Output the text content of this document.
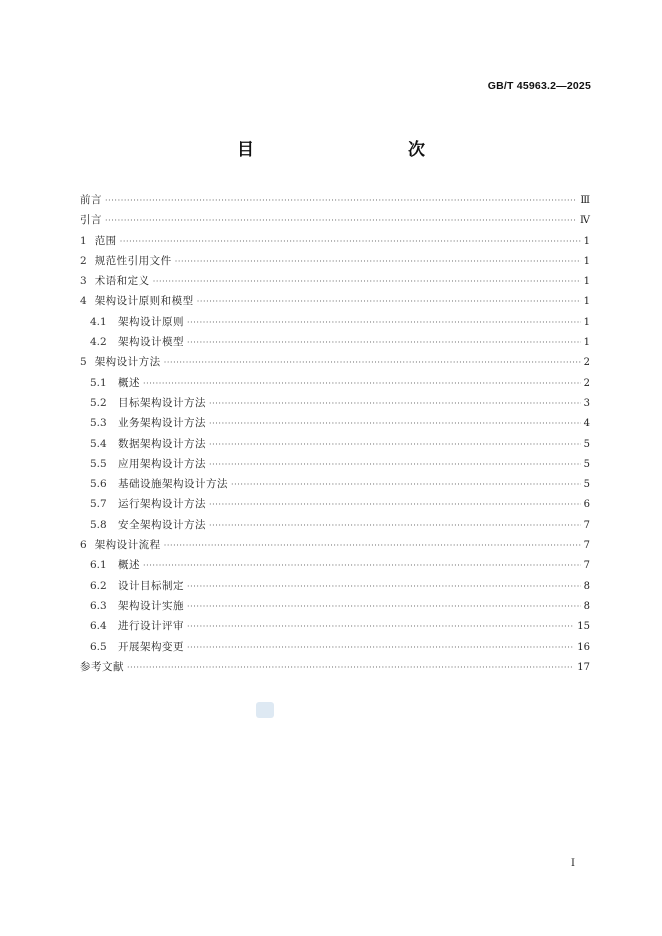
GB/T 45963.2—2025
目　　次
前言 ·····	Ⅲ
引言 ·····	Ⅳ
1 范围 ·····	1
2 规范性引用文件 ·····	1
3 术语和定义 ·····	1
4 架构设计原则和模型 ·····	1
4.1	架构设计原则 ·····	1
4.2	架构设计模型 ·····	1
5 架构设计方法 ·····	2
5.1	概述 ·····	2
5.2	目标架构设计方法 ·····	3
5.3	业务架构设计方法 ·····	4
5.4	数据架构设计方法 ·····	5
5.5	应用架构设计方法 ·····	5
5.6	基础设施架构设计方法 ·····	5
5.7	运行架构设计方法 ·····	6
5.8	安全架构设计方法 ·····	7
6 架构设计流程 ·····	7
6.1	概述 ·····	7
6.2	设计目标制定 ·····	8
6.3	架构设计实施 ·····	8
6.4	进行设计评审 ·····	15
6.5	开展架构变更 ·····	16
参考文献 ·····	17
Ⅰ
